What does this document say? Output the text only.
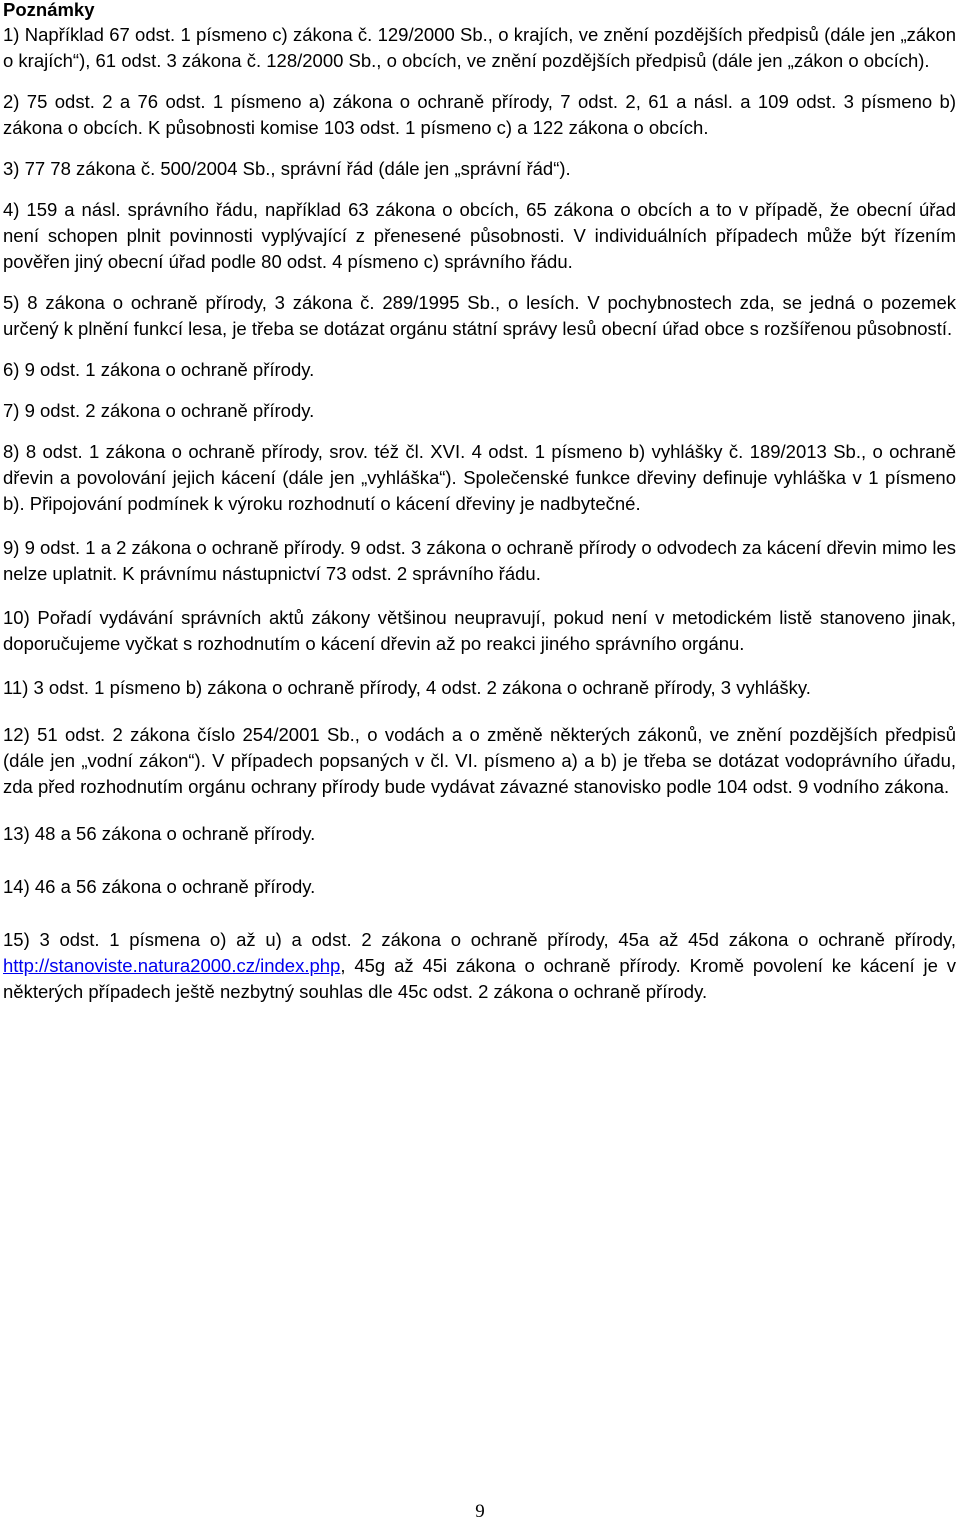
Poznámky

1) Například 67 odst. 1 písmeno c) zákona č. 129/2000 Sb., o krajích, ve znění pozdějších předpisů (dále jen „zákon o krajích“), 61 odst. 3 zákona č. 128/2000 Sb., o obcích, ve znění pozdějších předpisů (dále jen „zákon o obcích).

2) 75 odst. 2 a 76 odst. 1 písmeno a) zákona o ochraně přírody, 7 odst. 2, 61 a násl. a 109 odst. 3 písmeno b) zákona o obcích. K působnosti komise 103 odst. 1 písmeno c) a 122 zákona o obcích.

3) 77 78 zákona č. 500/2004 Sb., správní řád (dále jen „správní řád“).

4) 159 a násl. správního řádu, například 63 zákona o obcích, 65 zákona o obcích a to v případě, že obecní úřad není schopen plnit povinnosti vyplývající z přenesené působnosti. V individuálních případech může být řízením pověřen jiný obecní úřad podle 80 odst. 4 písmeno c) správního řádu.

5) 8 zákona o ochraně přírody, 3 zákona č. 289/1995 Sb., o lesích. V pochybnostech zda, se jedná o pozemek určený k plnění funkcí lesa, je třeba se dotázat orgánu státní správy lesů obecní úřad obce s rozšířenou působností.

6) 9 odst. 1 zákona o ochraně přírody.

7) 9 odst. 2 zákona o ochraně přírody.

8) 8 odst. 1 zákona o ochraně přírody, srov. též čl. XVI. 4 odst. 1 písmeno b) vyhlášky č. 189/2013 Sb., o ochraně dřevin a povolování jejich kácení (dále jen „vyhláška“). Společenské funkce dřeviny definuje vyhláška v 1 písmeno b). Připojování podmínek k výroku rozhodnutí o kácení dřeviny je nadbytečné.

9) 9 odst. 1 a 2 zákona o ochraně přírody. 9 odst. 3 zákona o ochraně přírody o odvodech za kácení dřevin mimo les nelze uplatnit. K právnímu nástupnictví 73 odst. 2 správního řádu.

10) Pořadí vydávání správních aktů zákony většinou neupravují, pokud není v metodickém listě stanoveno jinak, doporučujeme vyčkat s rozhodnutím o kácení dřevin až po reakci jiného správního orgánu.

11) 3 odst. 1 písmeno b) zákona o ochraně přírody, 4 odst. 2 zákona o ochraně přírody, 3 vyhlášky.

12) 51 odst. 2 zákona číslo 254/2001 Sb., o vodách a o změně některých zákonů, ve znění pozdějších předpisů (dále jen „vodní zákon“). V případech popsaných v čl. VI. písmeno a) a b) je třeba se dotázat vodoprávního úřadu, zda před rozhodnutím orgánu ochrany přírody bude vydávat závazné stanovisko podle 104 odst. 9 vodního zákona.

13) 48 a 56 zákona o ochraně přírody.

14) 46 a 56 zákona o ochraně přírody.

15) 3 odst. 1 písmena o) až u) a odst. 2 zákona o ochraně přírody, 45a až 45d zákona o ochraně přírody, http://stanoviste.natura2000.cz/index.php, 45g až 45i zákona o ochraně přírody. Kromě povolení ke kácení je v některých případech ještě nezbytný souhlas dle 45c odst. 2 zákona o ochraně přírody.

9
